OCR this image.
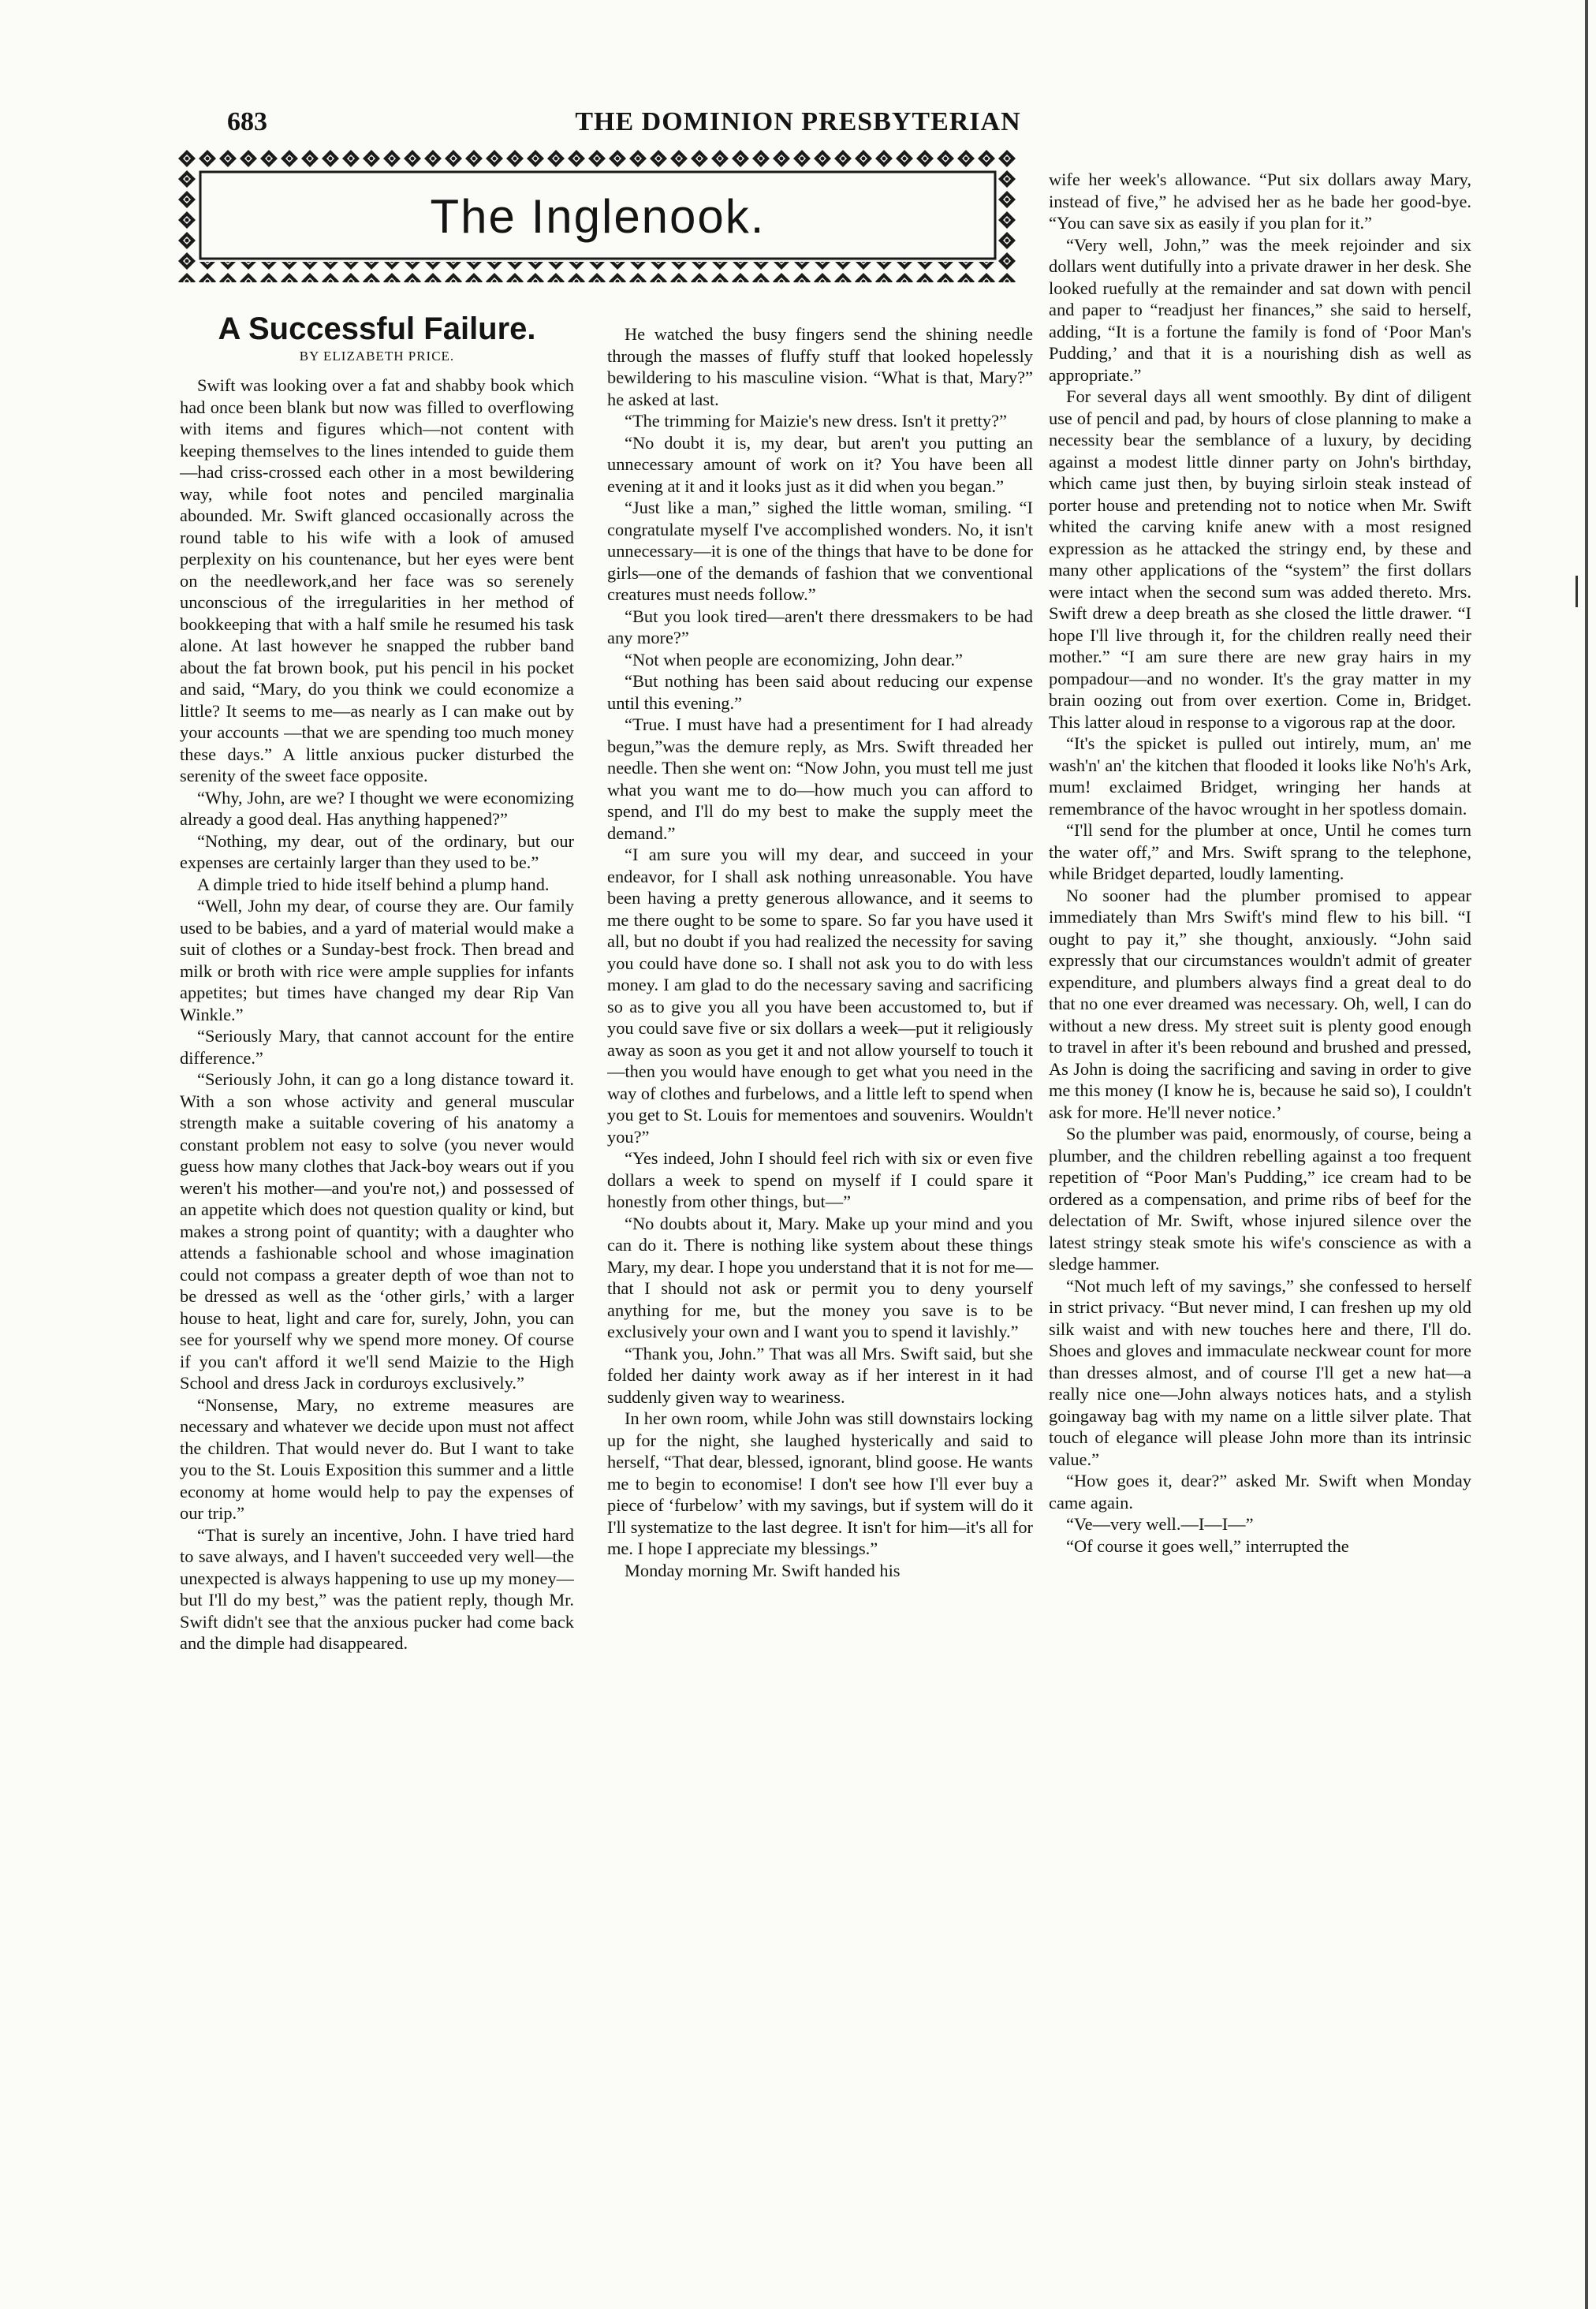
683	THE DOMINION PRESBYTERIAN
The Inglenook.
A Successful Failure.
BY ELIZABETH PRICE.

Swift was looking over a fat and shabby book which had once been blank but now was filled to overflowing with items and figures which—not content with keeping themselves to the lines intended to guide them—had criss-crossed each other in a most bewildering way, while foot notes and penciled marginalia abounded. Mr. Swift glanced occasionally across the round table to his wife with a look of amused perplexity on his countenance, but her eyes were bent on the needlework,and her face was so serenely unconscious of the irregularities in her method of bookkeeping that with a half smile he resumed his task alone. At last however he snapped the rubber band about the fat brown book, put his pencil in his pocket and said, “Mary, do you think we could economize a little? It seems to me—as nearly as I can make out by your accounts —that we are spending too much money these days.” A little anxious pucker disturbed the serenity of the sweet face opposite.

“Why, John, are we? I thought we were economizing already a good deal. Has anything happened?”

“Nothing, my dear, out of the ordinary, but our expenses are certainly larger than they used to be.”

A dimple tried to hide itself behind a plump hand.

“Well, John my dear, of course they are. Our family used to be babies, and a yard of material would make a suit of clothes or a Sunday-best frock. Then bread and milk or broth with rice were ample supplies for infants appetites; but times have changed my dear Rip Van Winkle.”

“Seriously Mary, that cannot account for the entire difference.”

“Seriously John, it can go a long distance toward it. With a son whose activity and general muscular strength make a suitable covering of his anatomy a constant problem not easy to solve (you never would guess how many clothes that Jack-boy wears out if you weren't his mother—and you're not,) and possessed of an appetite which does not question quality or kind, but makes a strong point of quantity; with a daughter who attends a fashionable school and whose imagination could not compass a greater depth of woe than not to be dressed as well as the ‘other girls,’ with a larger house to heat, light and care for, surely, John, you can see for yourself why we spend more money. Of course if you can't afford it we'll send Maizie to the High School and dress Jack in corduroys exclusively.”

“Nonsense, Mary, no extreme measures are necessary and whatever we decide upon must not affect the children. That would never do. But I want to take you to the St. Louis Exposition this summer and a little economy at home would help to pay the expenses of our trip.”

“That is surely an incentive, John. I have tried hard to save always, and I haven't succeeded very well—the unexpected is always happening to use up my money—but I'll do my best,” was the patient reply, though Mr. Swift didn't see that the anxious pucker had come back and the dimple had disappeared.

He watched the busy fingers send the shining needle through the masses of fluffy stuff that looked hopelessly bewildering to his masculine vision. “What is that, Mary?” he asked at last.

“The trimming for Maizie's new dress. Isn't it pretty?”

“No doubt it is, my dear, but aren't you putting an unnecessary amount of work on it? You have been all evening at it and it looks just as it did when you began.”

“Just like a man,” sighed the little woman, smiling. “I congratulate myself I've accomplished wonders. No, it isn't unnecessary—it is one of the things that have to be done for girls—one of the demands of fashion that we conventional creatures must needs follow.”

“But you look tired—aren't there dressmakers to be had any more?”

“Not when people are economizing, John dear.”

“But nothing has been said about reducing our expense until this evening.”

“True. I must have had a presentiment for I had already begun,”was the demure reply, as Mrs. Swift threaded her needle. Then she went on: “Now John, you must tell me just what you want me to do—how much you can afford to spend, and I'll do my best to make the supply meet the demand.”

“I am sure you will my dear, and succeed in your endeavor, for I shall ask nothing unreasonable. You have been having a pretty generous allowance, and it seems to me there ought to be some to spare. So far you have used it all, but no doubt if you had realized the necessity for saving you could have done so. I shall not ask you to do with less money. I am glad to do the necessary saving and sacrificing so as to give you all you have been accustomed to, but if you could save five or six dollars a week—put it religiously away as soon as you get it and not allow yourself to touch it—then you would have enough to get what you need in the way of clothes and furbelows, and a little left to spend when you get to St. Louis for mementoes and souvenirs. Wouldn't you?”

“Yes indeed, John I should feel rich with six or even five dollars a week to spend on myself if I could spare it honestly from other things, but—”

“No doubts about it, Mary. Make up your mind and you can do it. There is nothing like system about these things Mary, my dear. I hope you understand that it is not for me—that I should not ask or permit you to deny yourself anything for me, but the money you save is to be exclusively your own and I want you to spend it lavishly.”

“Thank you, John.” That was all Mrs. Swift said, but she folded her dainty work away as if her interest in it had suddenly given way to weariness.

In her own room, while John was still downstairs locking up for the night, she laughed hysterically and said to herself, “That dear, blessed, ignorant, blind goose. He wants me to begin to economise! I don't see how I'll ever buy a piece of ‘furbelow’ with my savings, but if system will do it I'll systematize to the last degree. It isn't for him—it's all for me. I hope I appreciate my blessings.”

Monday morning Mr. Swift handed his

wife her week's allowance. “Put six dollars away Mary, instead of five,” he advised her as he bade her good-bye. “You can save six as easily if you plan for it.”

“Very well, John,” was the meek rejoinder and six dollars went dutifully into a private drawer in her desk. She looked ruefully at the remainder and sat down with pencil and paper to “readjust her finances,” she said to herself, adding, “It is a fortune the family is fond of ‘Poor Man's Pudding,’ and that it is a nourishing dish as well as appropriate.”

For several days all went smoothly. By dint of diligent use of pencil and pad, by hours of close planning to make a necessity bear the semblance of a luxury, by deciding against a modest little dinner party on John's birthday, which came just then, by buying sirloin steak instead of porter house and pretending not to notice when Mr. Swift whited the carving knife anew with a most resigned expression as he attacked the stringy end, by these and many other applications of the “system” the first dollars were intact when the second sum was added thereto. Mrs. Swift drew a deep breath as she closed the little drawer. “I hope I'll live through it, for the children really need their mother.” “I am sure there are new gray hairs in my pompadour—and no wonder. It's the gray matter in my brain oozing out from over exertion. Come in, Bridget. This latter aloud in response to a vigorous rap at the door.

“It's the spicket is pulled out intirely, mum, an' me wash'n' an' the kitchen that flooded it looks like No'h's Ark, mum! exclaimed Bridget, wringing her hands at remembrance of the havoc wrought in her spotless domain.

“I'll send for the plumber at once, Until he comes turn the water off,” and Mrs. Swift sprang to the telephone, while Bridget departed, loudly lamenting.

No sooner had the plumber promised to appear immediately than Mrs Swift's mind flew to his bill. “I ought to pay it,” she thought, anxiously. “John said expressly that our circumstances wouldn't admit of greater expenditure, and plumbers always find a great deal to do that no one ever dreamed was necessary. Oh, well, I can do without a new dress. My street suit is plenty good enough to travel in after it's been rebound and brushed and pressed, As John is doing the sacrificing and saving in order to give me this money (I know he is, because he said so), I couldn't ask for more. He'll never notice.’

So the plumber was paid, enormously, of course, being a plumber, and the children rebelling against a too frequent repetition of “Poor Man's Pudding,” ice cream had to be ordered as a compensation, and prime ribs of beef for the delectation of Mr. Swift, whose injured silence over the latest stringy steak smote his wife's conscience as with a sledge hammer.

“Not much left of my savings,” she confessed to herself in strict privacy. “But never mind, I can freshen up my old silk waist and with new touches here and there, I'll do. Shoes and gloves and immaculate neckwear count for more than dresses almost, and of course I'll get a new hat—a really nice one—John always notices hats, and a stylish goingaway bag with my name on a little silver plate. That touch of elegance will please John more than its intrinsic value.”

“How goes it, dear?” asked Mr. Swift when Monday came again.

“Ve—very well.—I—I—”

“Of course it goes well,” interrupted the
